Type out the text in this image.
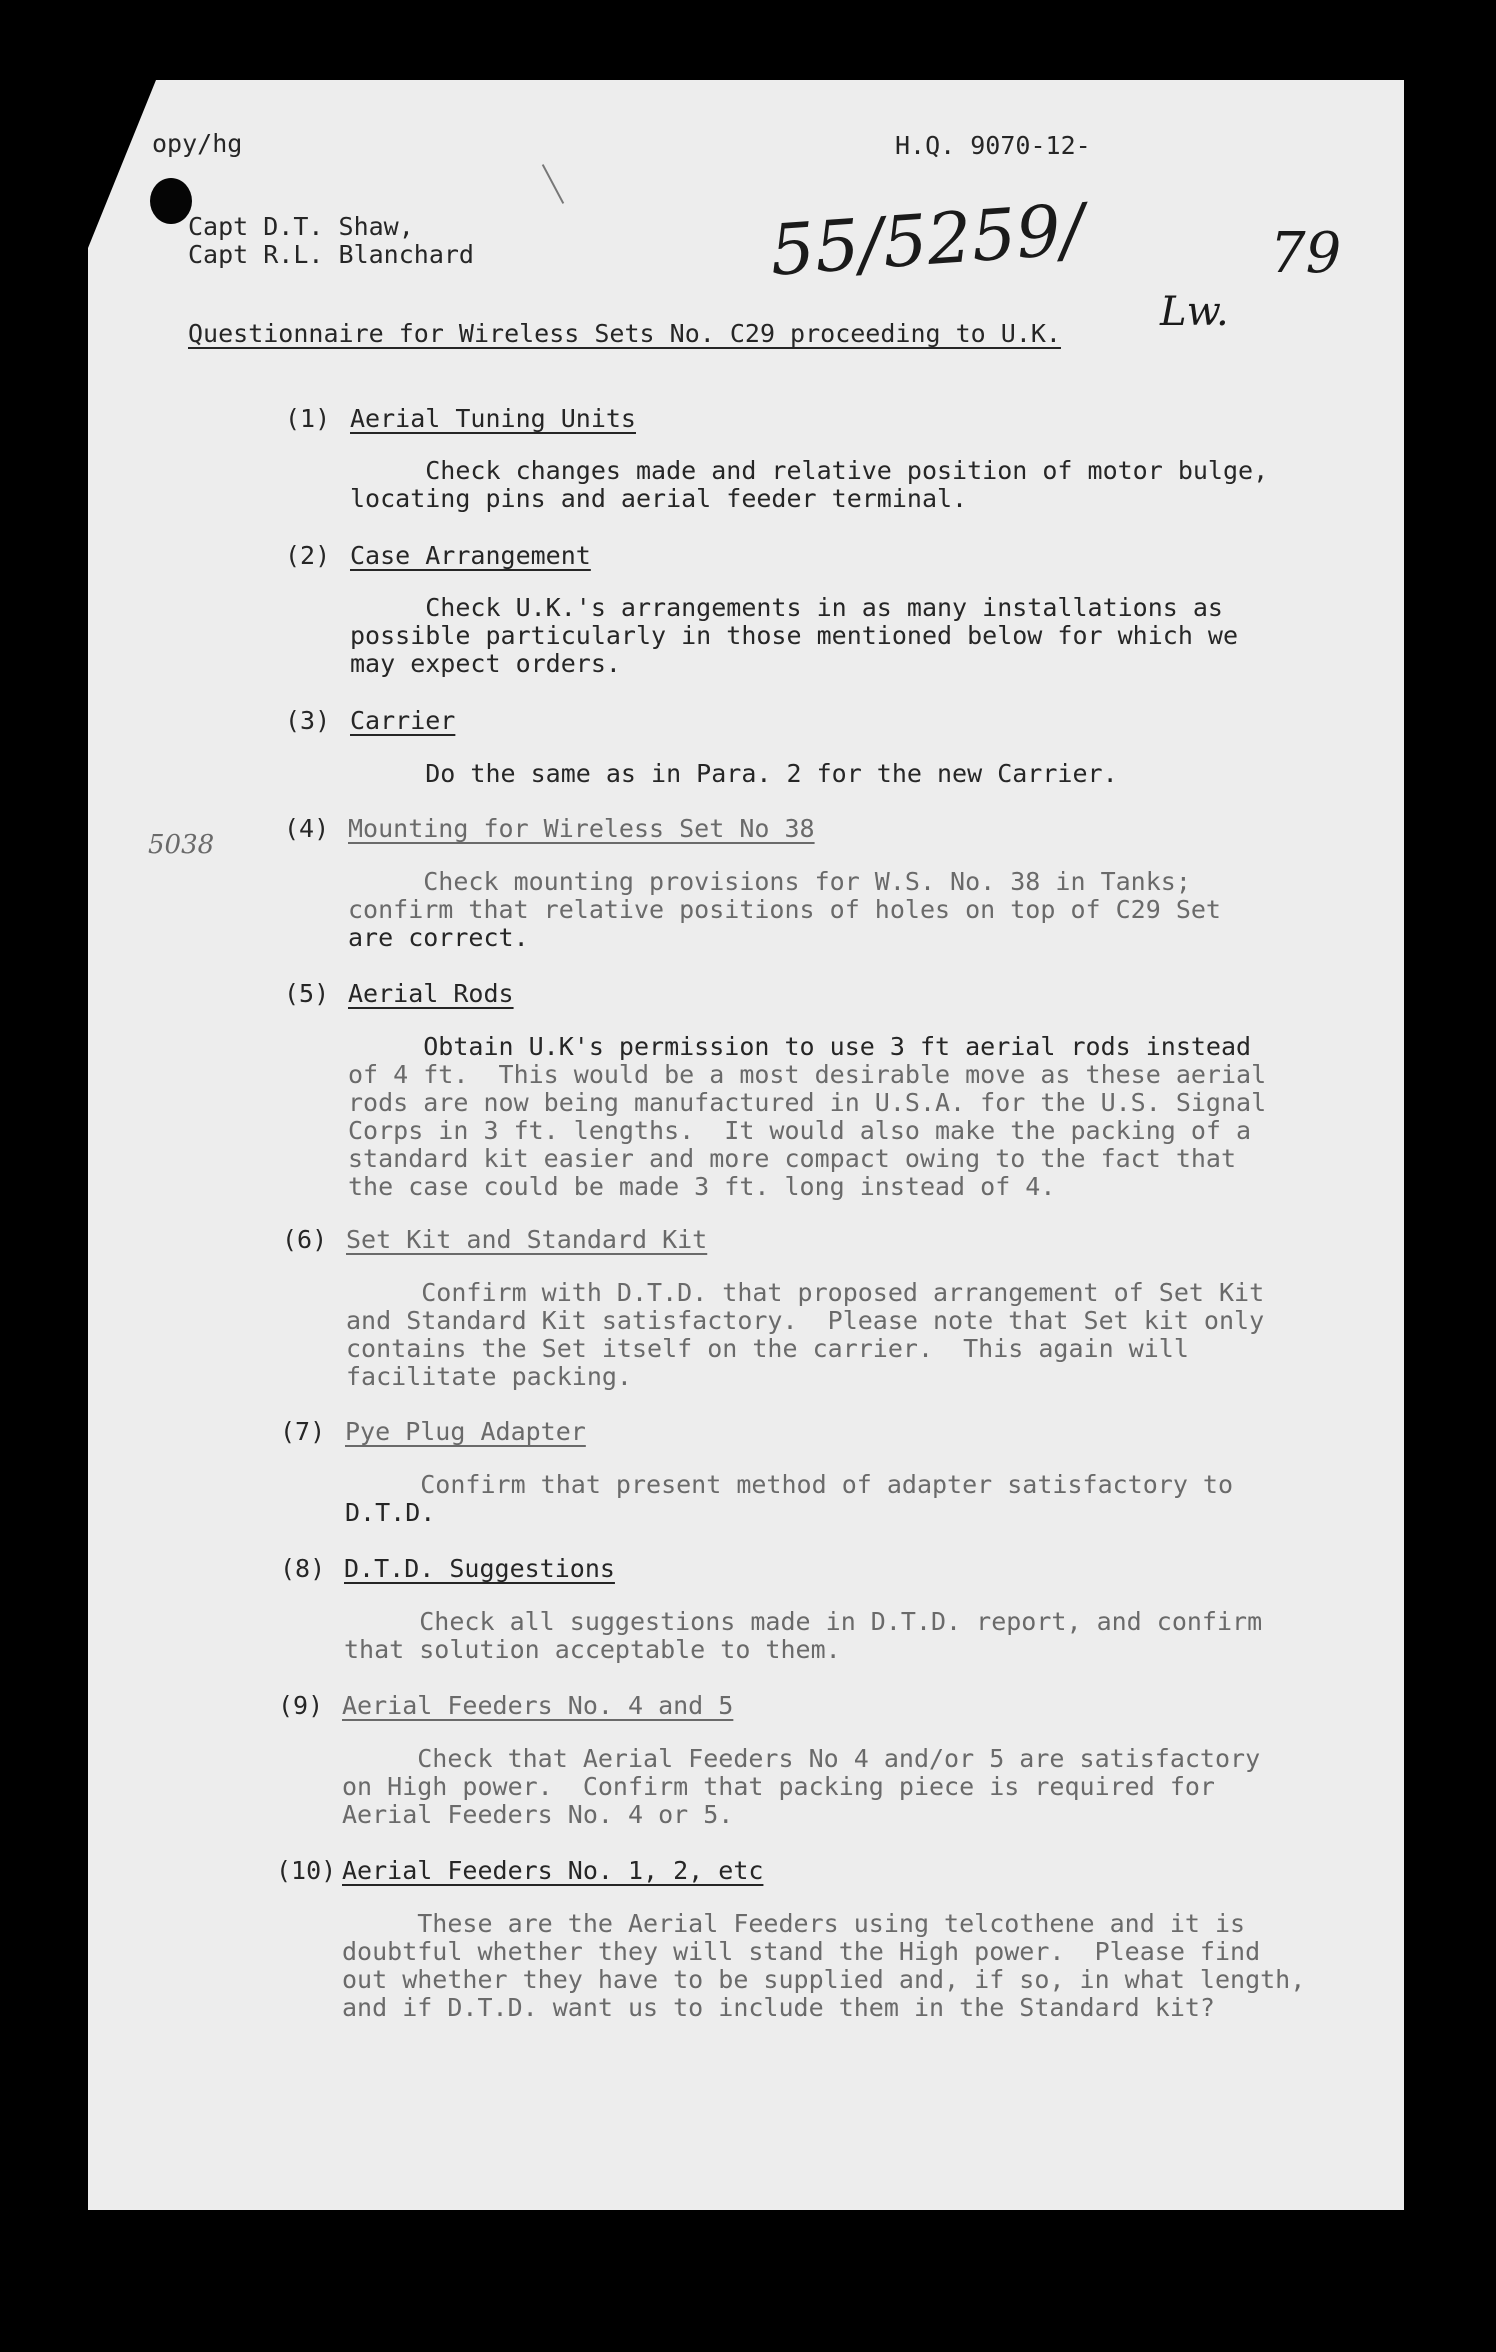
opy/hg	H.Q. 9070-12-
Capt D.T. Shaw,
Capt R.L. Blanchard	55/5259/	79
Lw.
5038
Questionnaire for Wireless Sets No. C29 proceeding to U.K.
(1) Aerial Tuning Units
Check changes made and relative position of motor bulge,
locating pins and aerial feeder terminal.
(2) Case Arrangement
Check U.K.'s arrangements in as many installations as
possible particularly in those mentioned below for which we
may expect orders.
(3) Carrier
Do the same as in Para. 2 for the new Carrier.
(4) Mounting for Wireless Set No 38
Check mounting provisions for W.S. No. 38 in Tanks;
confirm that relative positions of holes on top of C29 Set
are correct.
(5) Aerial Rods
Obtain U.K's permission to use 3 ft aerial rods instead
of 4 ft.  This would be a most desirable move as these aerial
rods are now being manufactured in U.S.A. for the U.S. Signal
Corps in 3 ft. lengths.  It would also make the packing of a
standard kit easier and more compact owing to the fact that
the case could be made 3 ft. long instead of 4.
(6) Set Kit and Standard Kit
Confirm with D.T.D. that proposed arrangement of Set Kit
and Standard Kit satisfactory.  Please note that Set kit only
contains the Set itself on the carrier.  This again will
facilitate packing.
(7) Pye Plug Adapter
Confirm that present method of adapter satisfactory to
D.T.D.
(8) D.T.D. Suggestions
Check all suggestions made in D.T.D. report, and confirm
that solution acceptable to them.
(9) Aerial Feeders No. 4 and 5
Check that Aerial Feeders No 4 and/or 5 are satisfactory
on High power.  Confirm that packing piece is required for
Aerial Feeders No. 4 or 5.
(10) Aerial Feeders No. 1, 2, etc
These are the Aerial Feeders using telcothene and it is
doubtful whether they will stand the High power.  Please find
out whether they have to be supplied and, if so, in what length,
and if D.T.D. want us to include them in the Standard kit?
